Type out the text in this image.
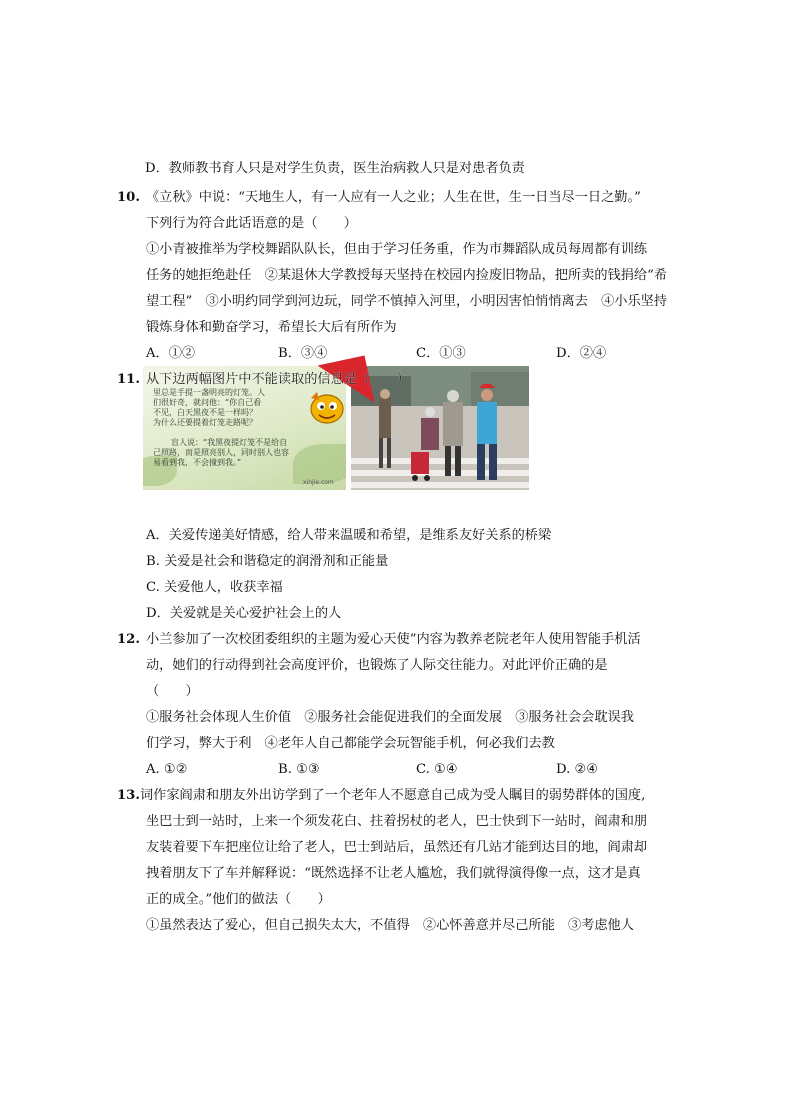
D．教师教书育人只是对学生负责，医生治病救人只是对患者负责
10. 《立秋》中说：“天地生人，有一人应有一人之业；人生在世，生一日当尽一日之勤。”
下列行为符合此话语意的是（　　）
①小青被推举为学校舞蹈队队长，但由于学习任务重，作为市舞蹈队成员每周都有训练
任务的她拒绝赴任　②某退休大学教授每天坚持在校园内捡废旧物品，把所卖的钱捐给“希
望工程”　③小明约同学到河边玩，同学不慎掉入河里，小明因害怕悄悄离去　④小乐坚持
锻炼身体和勤奋学习，希望长大后有所作为
A．①②	B．③④	C．①③	D．②④
里总是手提一盏明亮的灯笼。人
们很好奇，就问他：“你自己看
不见，白天黑夜不是一样吗？
为什么还要提着灯笼走路呢？
盲人说：“我黑夜提灯笼不是给自
己照路，而是照亮别人，同时别人也容
易看到我，不会撞到我。”
xinjie.com
11. 从下边两幅图片中不能读取的信息是（　　）
A．关爱传递美好情感，给人带来温暖和希望，是维系友好关系的桥梁
B. 关爱是社会和谐稳定的润滑剂和正能量
C. 关爱他人，收获幸福
D．关爱就是关心爱护社会上的人
12. 小兰参加了一次校团委组织的主题为爱心天使”内容为教养老院老年人使用智能手机活
动，她们的行动得到社会高度评价，也锻炼了人际交往能力。对此评价正确的是
（　　）
①服务社会体现人生价值　②服务社会能促进我们的全面发展　③服务社会会耽误我
们学习，弊大于利　④老年人自己都能学会玩智能手机，何必我们去教
A. ①②	B. ①③	C. ①④	D. ②④
13. 词作家阎肃和朋友外出访学到了一个老年人不愿意自己成为受人瞩目的弱势群体的国度,
坐巴士到一站时，上来一个须发花白、拄着拐杖的老人，巴士快到下一站时，阎肃和朋
友装着要下车把座位让给了老人，巴士到站后，虽然还有几站才能到达目的地，阎肃却
拽着朋友下了车并解释说：“既然选择不让老人尴尬，我们就得演得像一点，这才是真
正的成全。”他们的做法（　　）
①虽然表达了爱心，但自己损失太大，不值得　②心怀善意并尽己所能　③考虑他人
